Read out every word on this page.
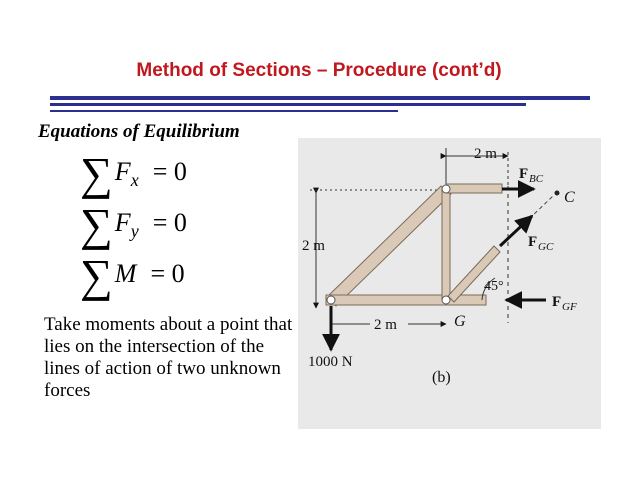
Method of Sections – Procedure (cont’d)
Equations of Equilibrium
$\sum F_x = 0$
$\sum F_y = 0$
∑M = 0
Take moments about a point that lies on the intersection of the lines of action of two unknown forces
2 m
2 m
2 m
F BC
F GC
F GF
C
G
45°
1000 N
(b)
